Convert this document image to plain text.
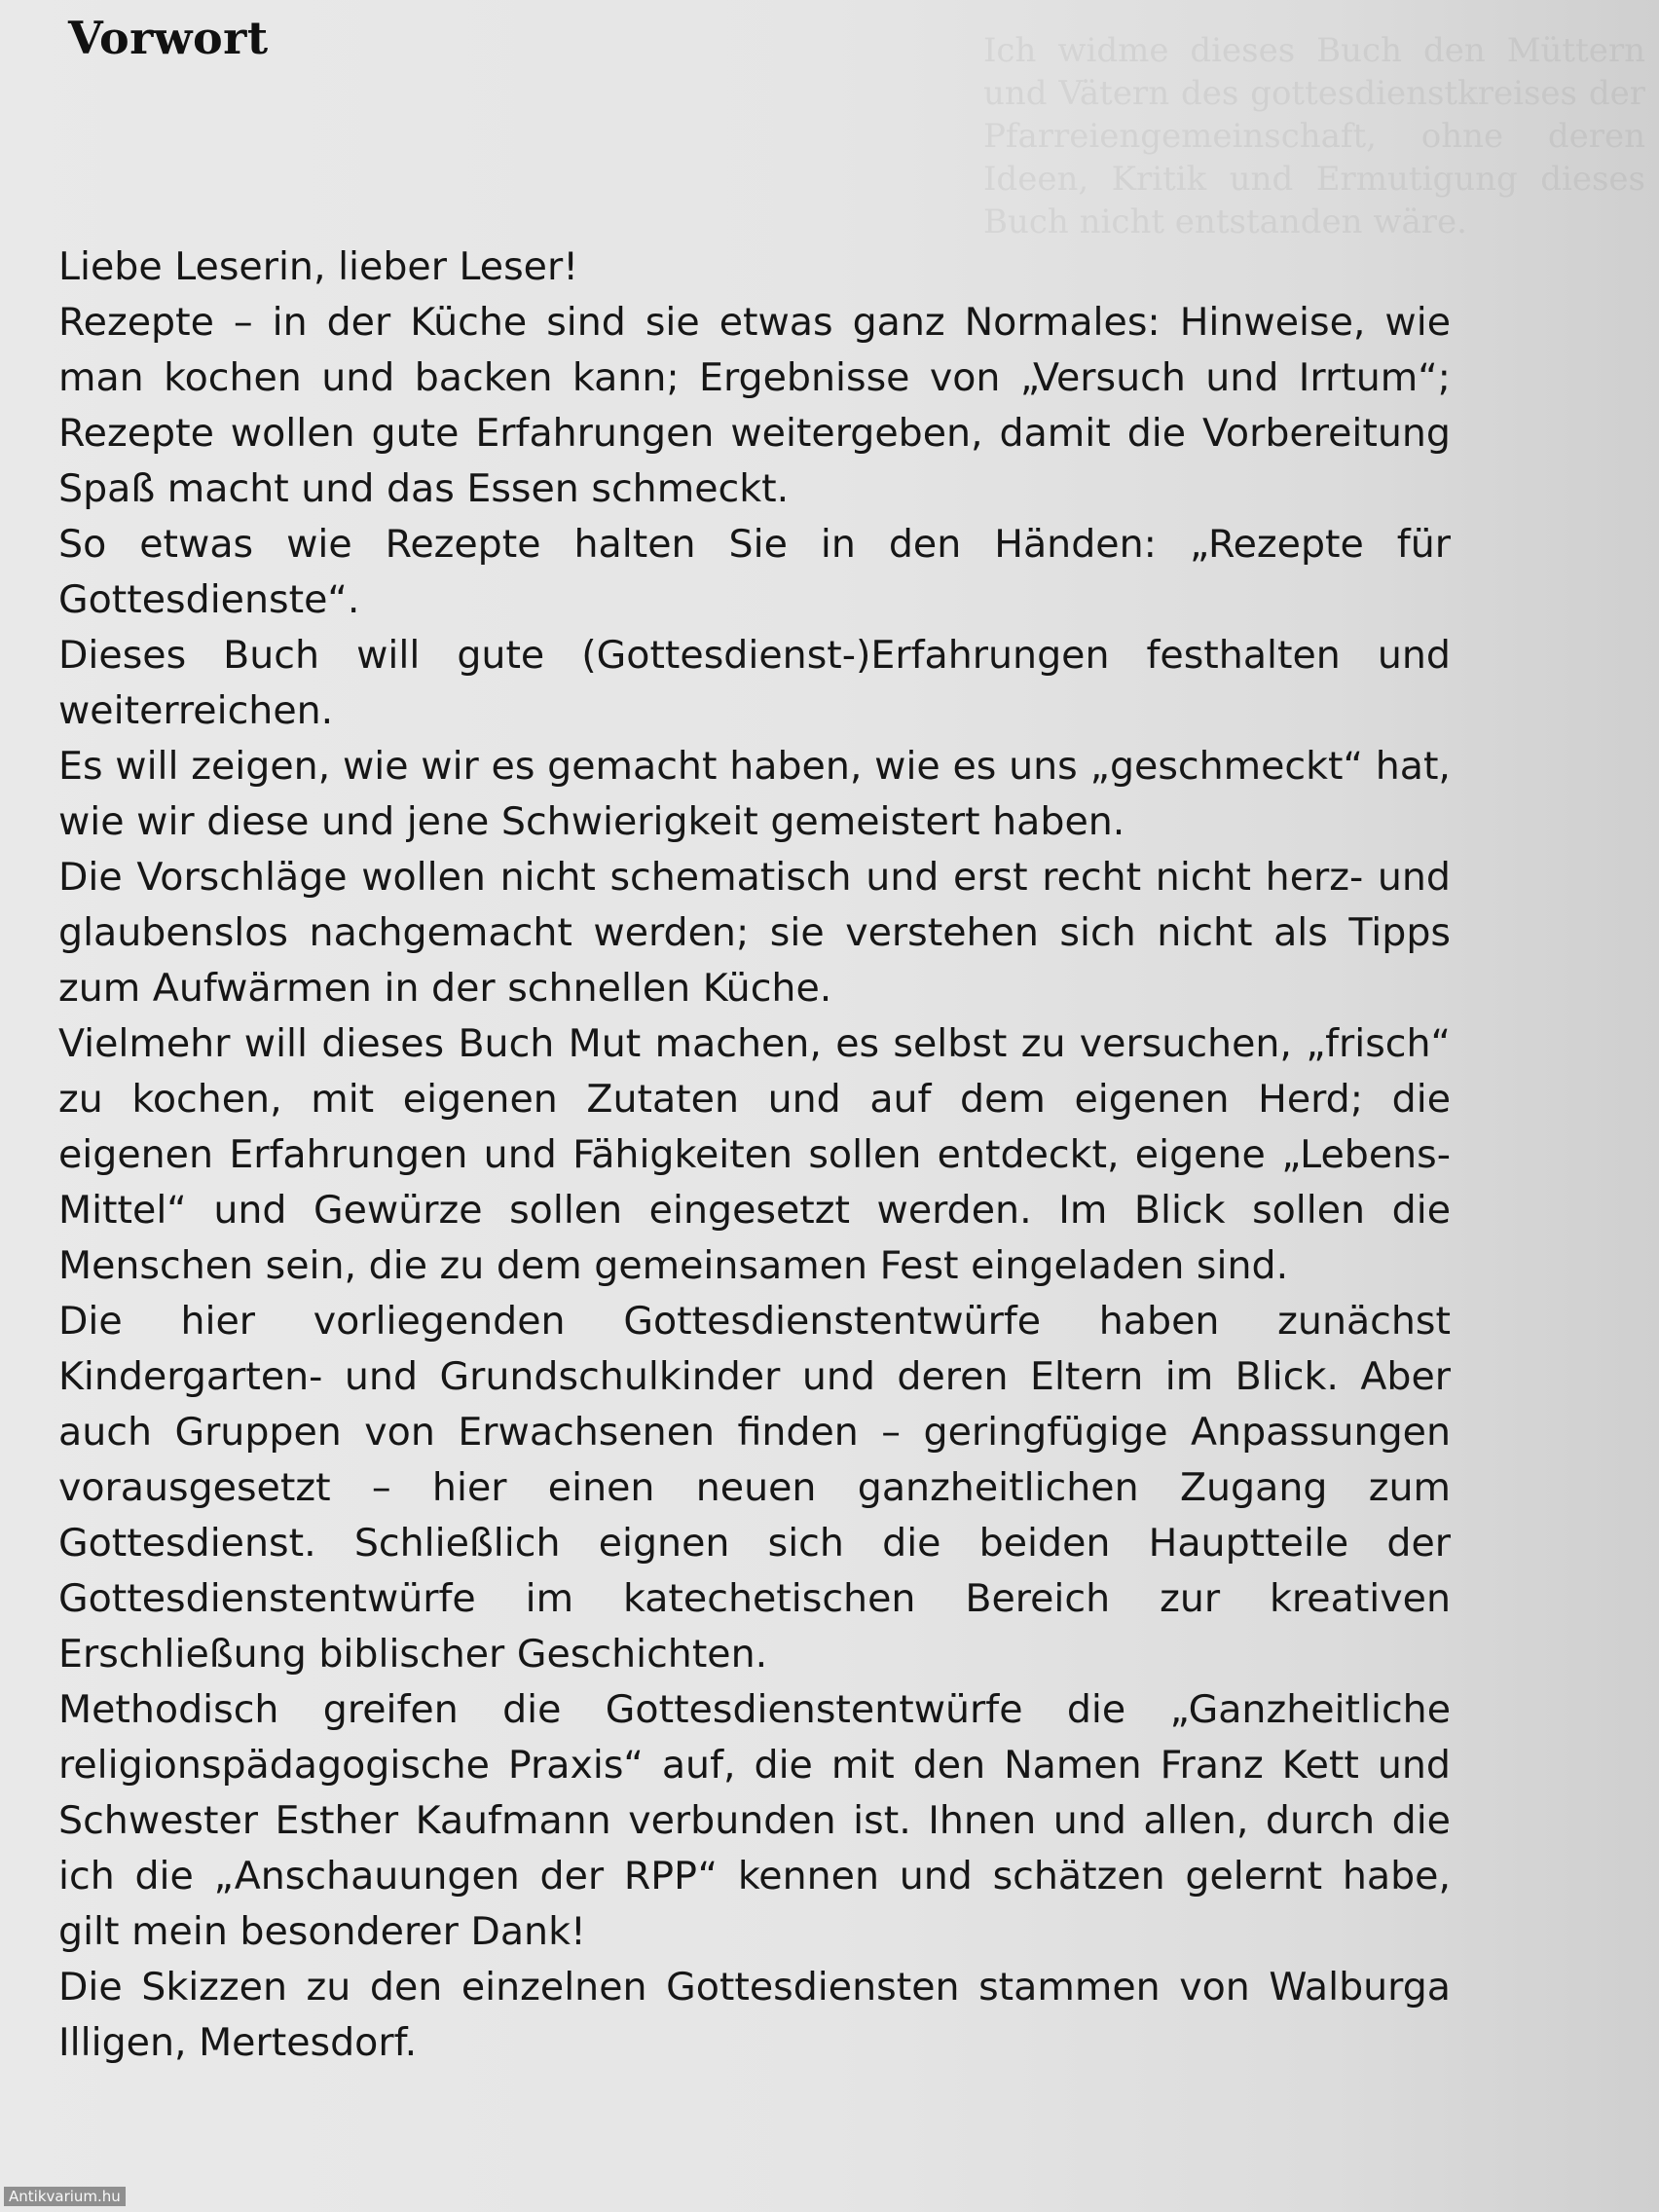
Ich widme dieses Buch den Müttern und Vätern des gottesdienstkreises der Pfarreiengemeinschaft, ohne deren Ideen, Kritik und Ermutigung dieses Buch nicht entstanden wäre.
Vorwort

Liebe Leserin, lieber Leser!

Rezepte – in der Küche sind sie etwas ganz Normales: Hinweise, wie man kochen und backen kann; Ergebnisse von „Versuch und Irrtum“; Rezepte wollen gute Erfahrungen weitergeben, damit die Vorbereitung Spaß macht und das Essen schmeckt.

So etwas wie Rezepte halten Sie in den Händen: „Rezepte für Gottesdienste“.

Dieses Buch will gute (Gottesdienst-)Erfahrungen festhalten und weiterreichen.

Es will zeigen, wie wir es gemacht haben, wie es uns „geschmeckt“ hat, wie wir diese und jene Schwierigkeit gemeistert haben.

Die Vorschläge wollen nicht schematisch und erst recht nicht herz- und glaubenslos nachgemacht werden; sie verstehen sich nicht als Tipps zum Aufwärmen in der schnellen Küche.

Vielmehr will dieses Buch Mut machen, es selbst zu versuchen, „frisch“ zu kochen, mit eigenen Zutaten und auf dem eigenen Herd; die eigenen Erfahrungen und Fähigkeiten sollen entdeckt, eigene „Lebens-Mittel“ und Gewürze sollen eingesetzt werden. Im Blick sollen die Menschen sein, die zu dem gemeinsamen Fest eingeladen sind.

Die hier vorliegenden Gottesdienstentwürfe haben zunächst Kindergarten- und Grundschulkinder und deren Eltern im Blick. Aber auch Gruppen von Erwachsenen finden – geringfügige Anpassungen vorausgesetzt – hier einen neuen ganzheitlichen Zugang zum Gottesdienst. Schließlich eignen sich die beiden Hauptteile der Gottesdienstentwürfe im katechetischen Bereich zur kreativen Erschließung biblischer Geschichten.

Methodisch greifen die Gottesdienstentwürfe die „Ganzheitliche religionspädagogische Praxis“ auf, die mit den Namen Franz Kett und Schwester Esther Kaufmann verbunden ist. Ihnen und allen, durch die ich die „Anschauungen der RPP“ kennen und schätzen gelernt habe, gilt mein besonderer Dank!

Die Skizzen zu den einzelnen Gottesdiensten stammen von Walburga Illigen, Mertesdorf.

Antikvarium.hu
